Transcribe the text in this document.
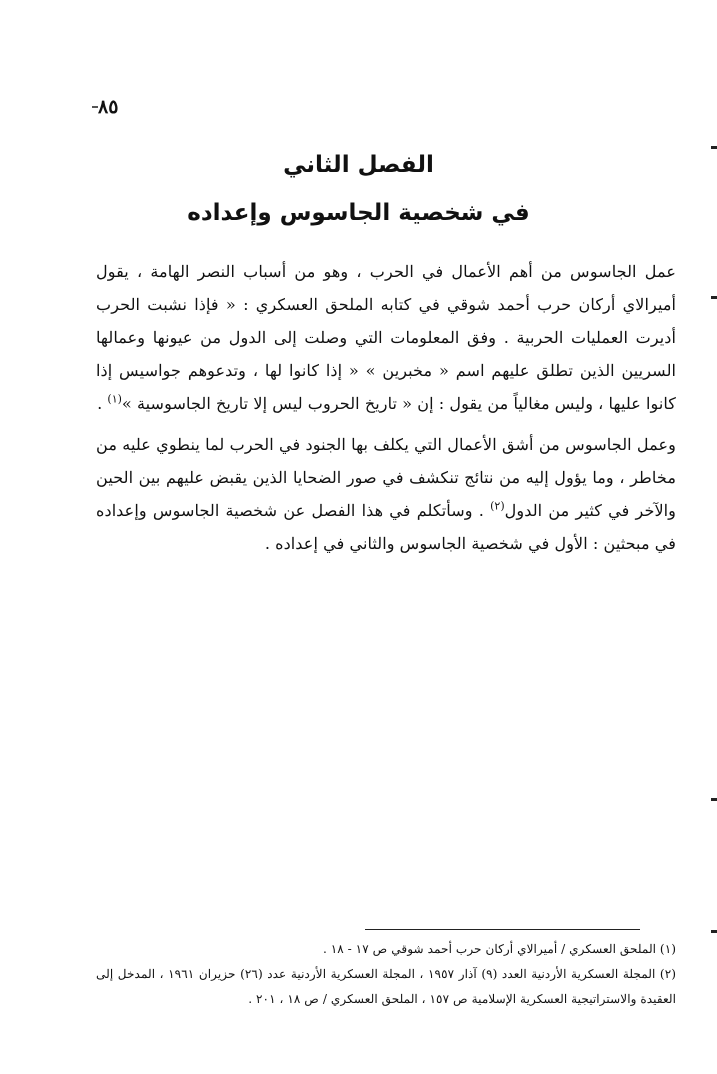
٨٥
الفصل الثاني
في شخصية الجاسوس وإعداده

عمل الجاسوس من أهم الأعمال في الحرب ، وهو من أسباب النصر الهامة ، يقول أميرالاي أركان حرب أحمد شوقي في كتابه الملحق العسكري : « فإذا نشبت الحرب أديرت العمليات الحربية . وفق المعلومات التي وصلت إلى الدول من عيونها وعمالها السريين الذين تطلق عليهم اسم « مخبرين » « إذا كانوا لها ، وتدعوهم جواسيس إذا كانوا عليها ، وليس مغالياً من يقول : إن « تاريخ الحروب ليس إلا تاريخ الجاسوسية »$^{(١)}$ .

وعمل الجاسوس من أشق الأعمال التي يكلف بها الجنود في الحرب لما ينطوي عليه من مخاطر ، وما يؤول إليه من نتائج تنكشف في صور الضحايا الذين يقبض عليهم بين الحين والآخر في كثير من الدول$^{(٢)}$ . وسأتكلم في هذا الفصل عن شخصية الجاسوس وإعداده في مبحثين : الأول في شخصية الجاسوس والثاني في إعداده .

(١) الملحق العسكري / أميرالاي أركان حرب أحمد شوقي ص ١٧ - ١٨ .

(٢) المجلة العسكرية الأردنية العدد (٩) آذار ١٩٥٧ ، المجلة العسكرية الأردنية عدد (٢٦) حزيران ١٩٦١ ، المدخل إلى العقيدة والاستراتيجية العسكرية الإسلامية ص ١٥٧ ، الملحق العسكري / ص ١٨ ، ٢٠١ .
